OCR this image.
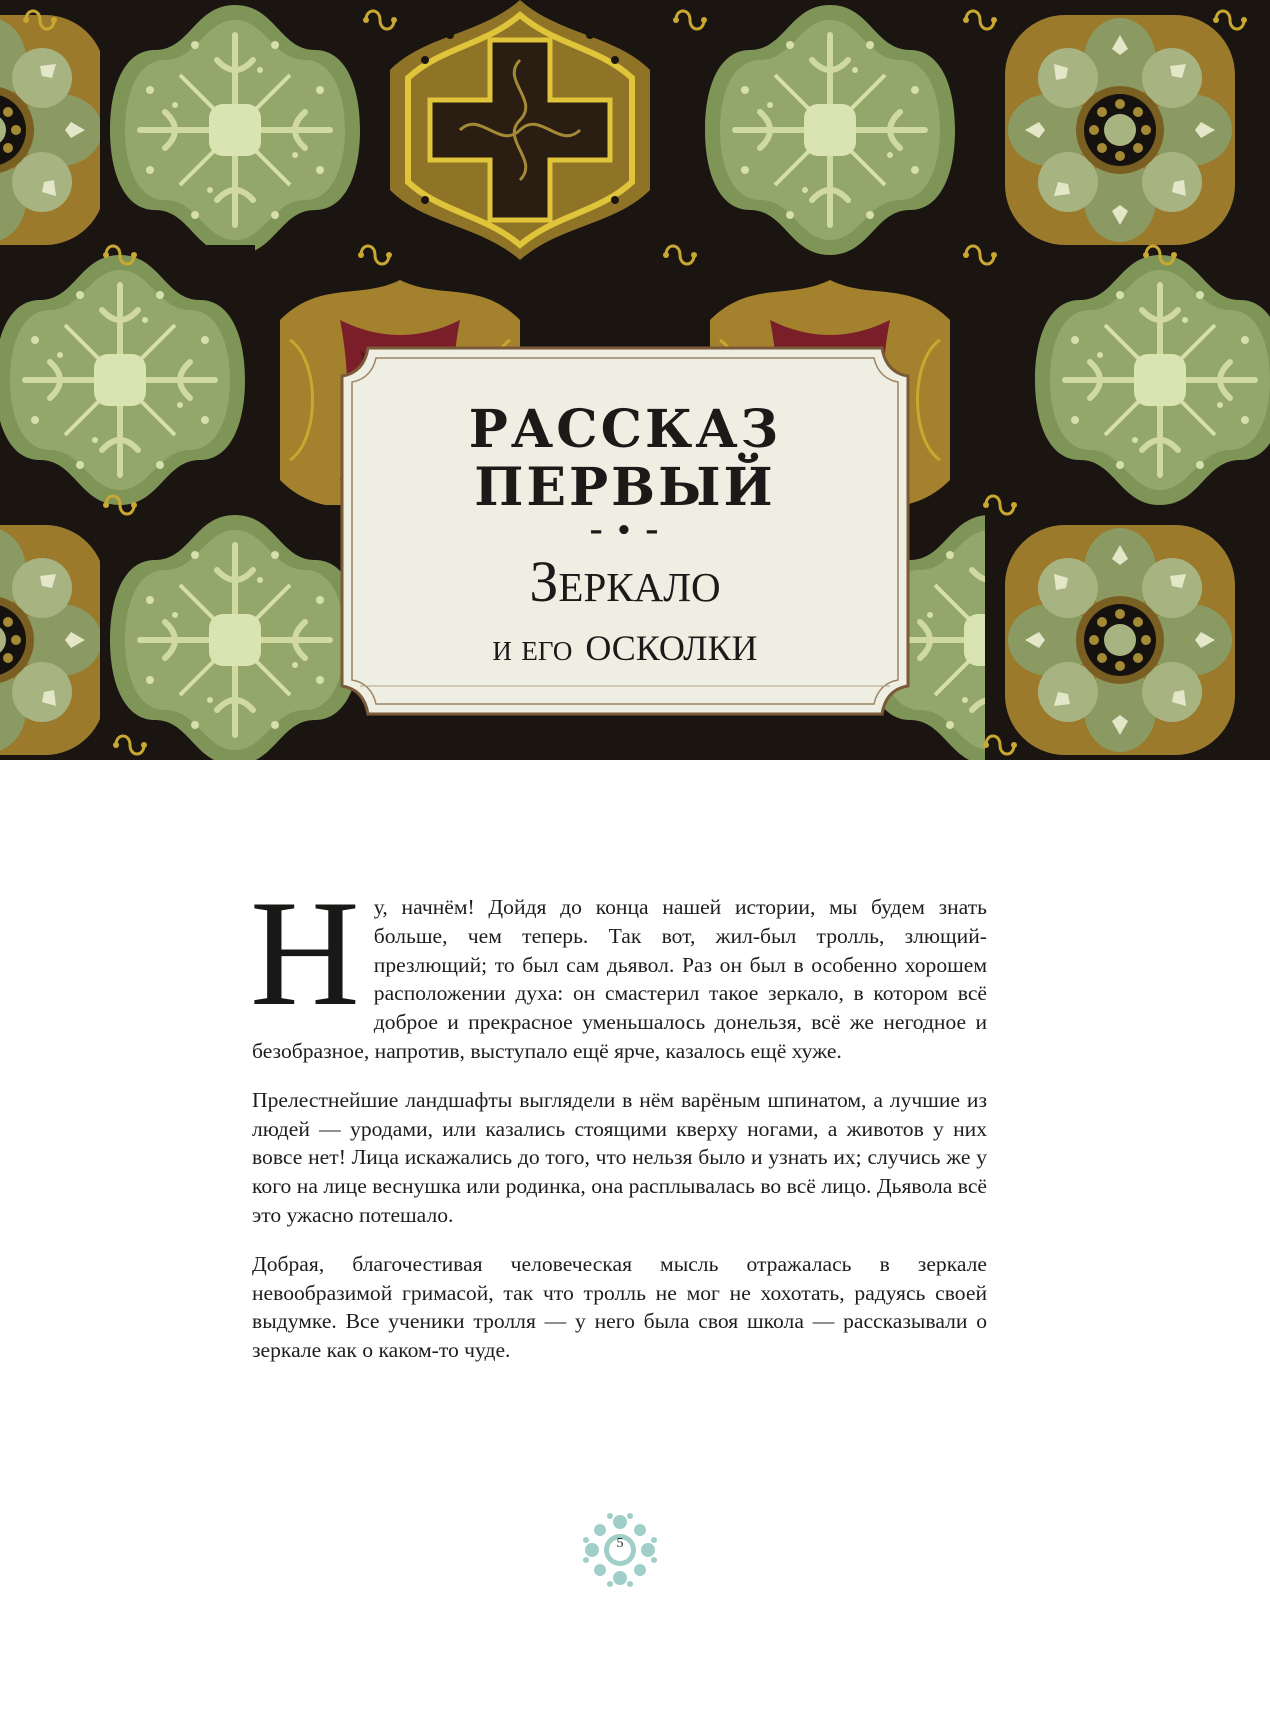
РАССКАЗ
ПЕРВЫЙ
– • –
Зеркало
и его осколки

Ну, начнём! Дойдя до конца нашей истории, мы будем знать больше, чем теперь. Так вот, жил-был тролль, злющий-презлющий; то был сам дьявол. Раз он был в особенно хорошем расположении духа: он смастерил такое зеркало, в котором всё доброе и прекрасное уменьшалось донельзя, всё же негодное и безобразное, напротив, выступало ещё ярче, казалось ещё хуже.

Прелестнейшие ландшафты выглядели в нём варёным шпинатом, а лучшие из людей — уродами, или казались стоящими кверху ногами, а животов у них вовсе нет! Лица искажались до того, что нельзя было и узнать их; случись же у кого на лице веснушка или родинка, она расплывалась во всё лицо. Дьявола всё это ужасно потешало.

Добрая, благочестивая человеческая мысль отражалась в зеркале невообразимой гримасой, так что тролль не мог не хохотать, радуясь своей выдумке. Все ученики тролля — у него была своя школа — рассказывали о зеркале как о каком-то чуде.

5
